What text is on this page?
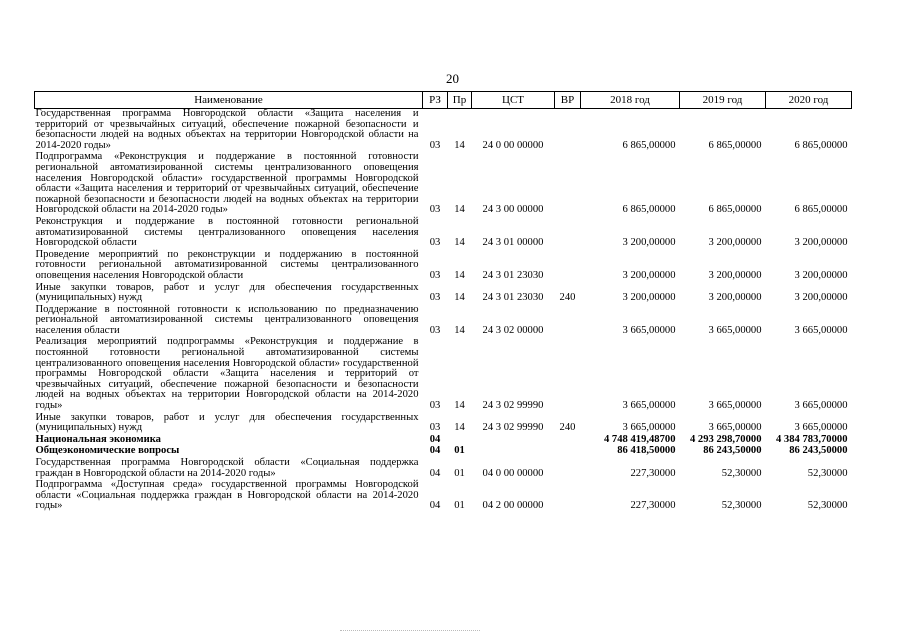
20
Наименование	РЗ	Пр	ЦСТ	ВР	2018 год	2019 год	2020 год
Государственная программа Новгородской области «Защита населения и территорий от чрезвычайных ситуаций, обеспечение пожарной безопасности и безопасности людей на водных объектах на территории Новгородской области на 2014-2020 годы»	03	14	24 0 00 00000		6 865,00000	6 865,00000	6 865,00000
Подпрограмма «Реконструкция и поддержание в постоянной готовности региональной автоматизированной системы централизованного оповещения населения Новгородской области» государственной программы Новгородской области «Защита населения и территорий от чрезвычайных ситуаций, обеспечение пожарной безопасности и безопасности людей на водных объектах на территории Новгородской области на 2014-2020 годы»	03	14	24 3 00 00000		6 865,00000	6 865,00000	6 865,00000
Реконструкция и поддержание в постоянной готовности региональной автоматизированной системы централизованного оповещения населения Новгородской области	03	14	24 3 01 00000		3 200,00000	3 200,00000	3 200,00000
Проведение мероприятий по реконструкции и поддержанию в постоянной готовности региональной автоматизированной системы централизованного оповещения населения Новгородской области	03	14	24 3 01 23030		3 200,00000	3 200,00000	3 200,00000
Иные закупки товаров, работ и услуг для обеспечения государственных (муниципальных) нужд	03	14	24 3 01 23030	240	3 200,00000	3 200,00000	3 200,00000
Поддержание в постоянной готовности к использованию по предназначению региональной автоматизированной системы централизованного оповещения населения области	03	14	24 3 02 00000		3 665,00000	3 665,00000	3 665,00000
Реализация мероприятий подпрограммы «Реконструкция и поддержание в постоянной готовности региональной автоматизированной системы централизованного оповещения населения Новгородской области» государственной программы Новгородской области «Защита населения и территорий от чрезвычайных ситуаций, обеспечение пожарной безопасности и безопасности людей на водных объектах на территории Новгородской области на 2014-2020 годы»	03	14	24 3 02 99990		3 665,00000	3 665,00000	3 665,00000
Иные закупки товаров, работ и услуг для обеспечения государственных (муниципальных) нужд	03	14	24 3 02 99990	240	3 665,00000	3 665,00000	3 665,00000
Национальная экономика	04				4 748 419,48700	4 293 298,70000	4 384 783,70000
Общеэкономические вопросы	04	01			86 418,50000	86 243,50000	86 243,50000
Государственная программа Новгородской области «Социальная поддержка граждан в Новгородской области на 2014-2020 годы»	04	01	04 0 00 00000		227,30000	52,30000	52,30000
Подпрограмма «Доступная среда» государственной программы Новгородской области «Социальная поддержка граждан в Новгородской области на 2014-2020 годы»	04	01	04 2 00 00000		227,30000	52,30000	52,30000
